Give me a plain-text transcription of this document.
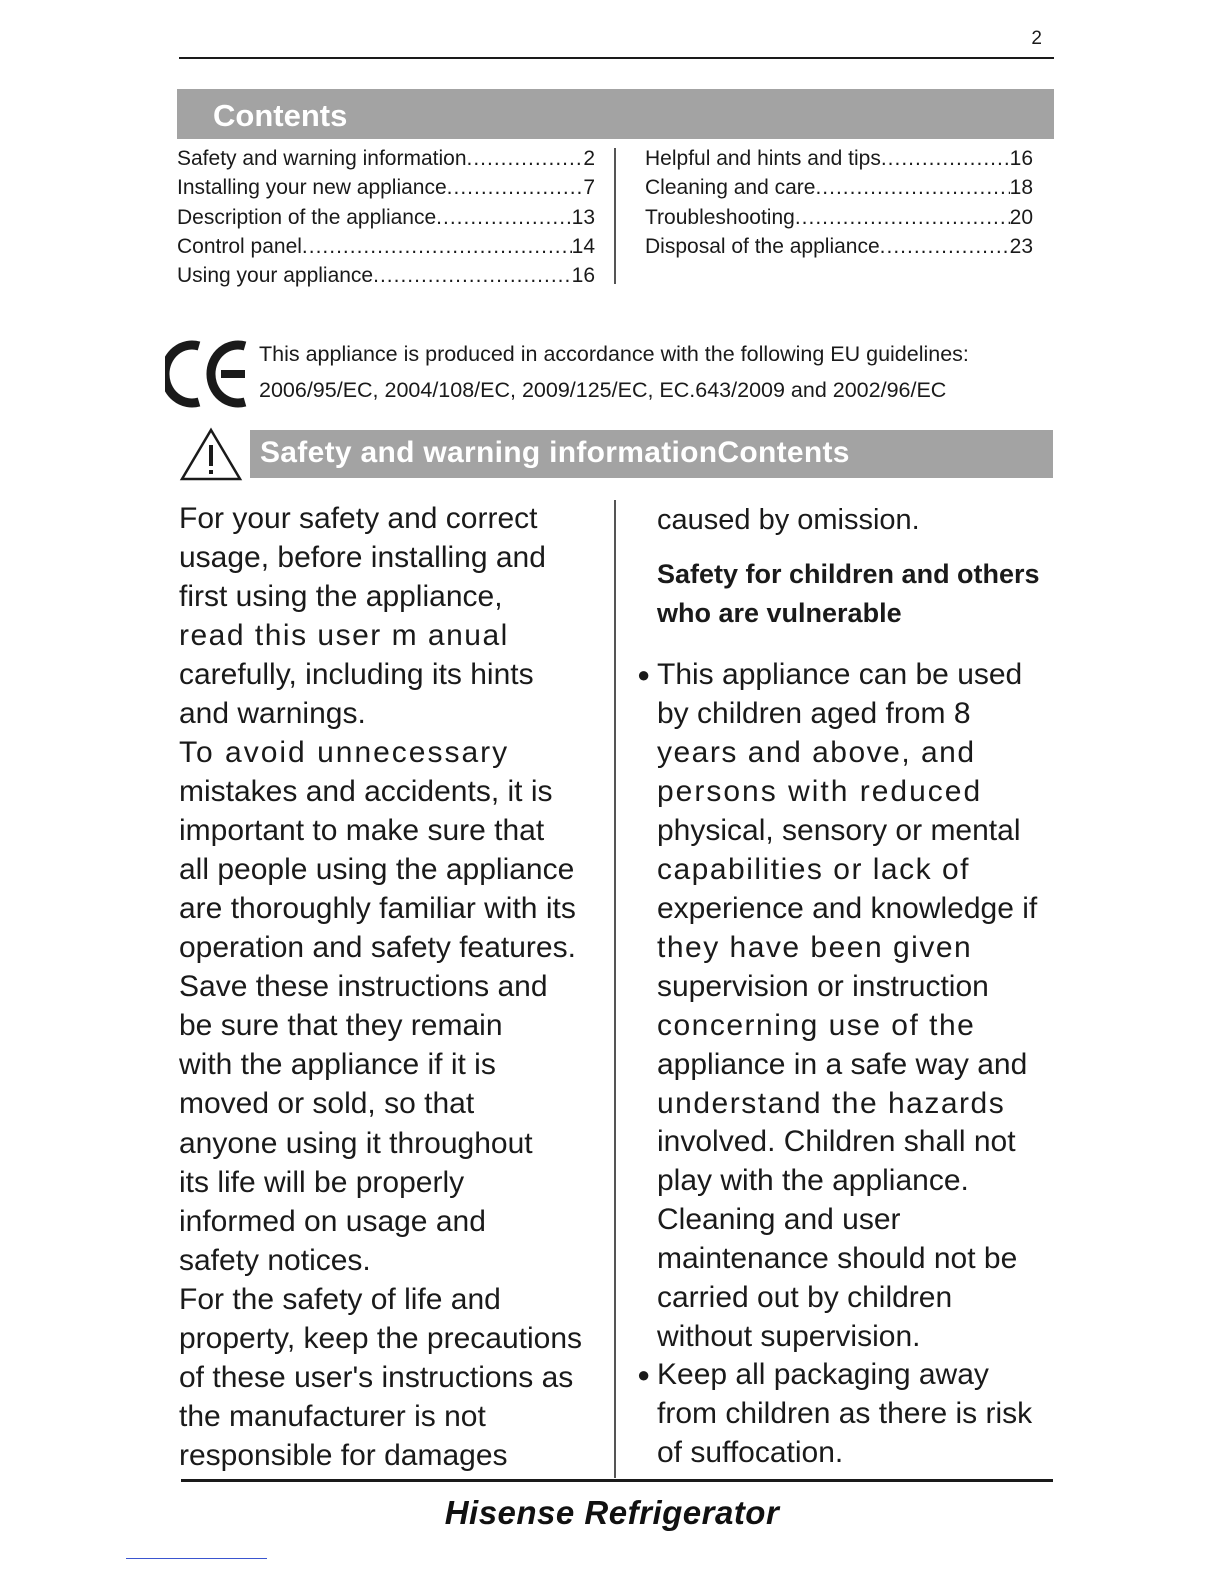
2
Contents
Safety and warning information .....	2
Installing your new appliance .....	7
Description of the appliance .....	13
Control panel .....	14
Using your appliance .....	16
Helpful and hints and tips .....	16
Cleaning and care .....	18
Troubleshooting .....	20
Disposal of the appliance .....	23
This appliance is produced in accordance with the following EU guidelines:
2006/95/EC, 2004/108/EC, 2009/125/EC, EC.643/2009 and 2002/96/EC
Safety and warning informationContents
For your safety and correct
usage, before installing and
first using the appliance,
read this user m anual
carefully, including its hints
and warnings.
To avoid unnecessary
mistakes and accidents, it is
important to make sure that
all people using the appliance
are thoroughly familiar with its
operation and safety features.
Save these instructions and
be sure that they remain
with the appliance if it is
moved or sold, so that
anyone using it throughout
its life will be properly
informed on usage and
safety notices.
For the safety of life and
property, keep the precautions
of these user's instructions as
the manufacturer is not
responsible for damages
caused by omission.
Safety for children and others
who are vulnerable
● This appliance can be used
by children aged from 8
years and above, and
persons with reduced
physical, sensory or mental
capabilities or lack of
experience and knowledge if
they have been given
supervision or instruction
concerning use of the
appliance in a safe way and
understand the hazards
involved. Children shall not
play with the appliance.
Cleaning and user
maintenance should not be
carried out by children
without supervision.
● Keep all packaging away
from children as there is risk
of suffocation.
Hisense Refrigerator
